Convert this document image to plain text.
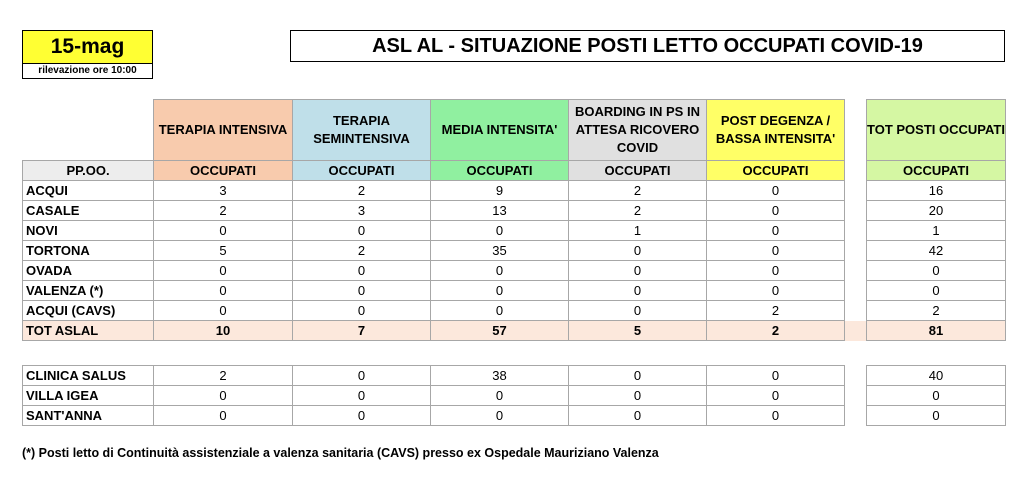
15-mag
rilevazione ore 10:00
ASL AL - SITUAZIONE POSTI LETTO OCCUPATI COVID-19
	TERAPIA INTENSIVA	TERAPIA SEMINTENSIVA	MEDIA INTENSITA'	BOARDING IN PS IN ATTESA RICOVERO COVID	POST DEGENZA / BASSA INTENSITA'		TOT POSTI OCCUPATI
PP.OO.	OCCUPATI	OCCUPATI	OCCUPATI	OCCUPATI	OCCUPATI		OCCUPATI
ACQUI	3	2	9	2	0		16
CASALE	2	3	13	2	0		20
NOVI	0	0	0	1	0		1
TORTONA	5	2	35	0	0		42
OVADA	0	0	0	0	0		0
VALENZA (*)	0	0	0	0	0		0
ACQUI (CAVS)	0	0	0	0	2		2
TOT ASLAL	10	7	57	5	2		81
CLINICA SALUS	2	0	38	0	0		40
VILLA IGEA	0	0	0	0	0		0
SANT'ANNA	0	0	0	0	0		0
(*) Posti letto di Continuità assistenziale a valenza sanitaria (CAVS) presso ex Ospedale Mauriziano Valenza
